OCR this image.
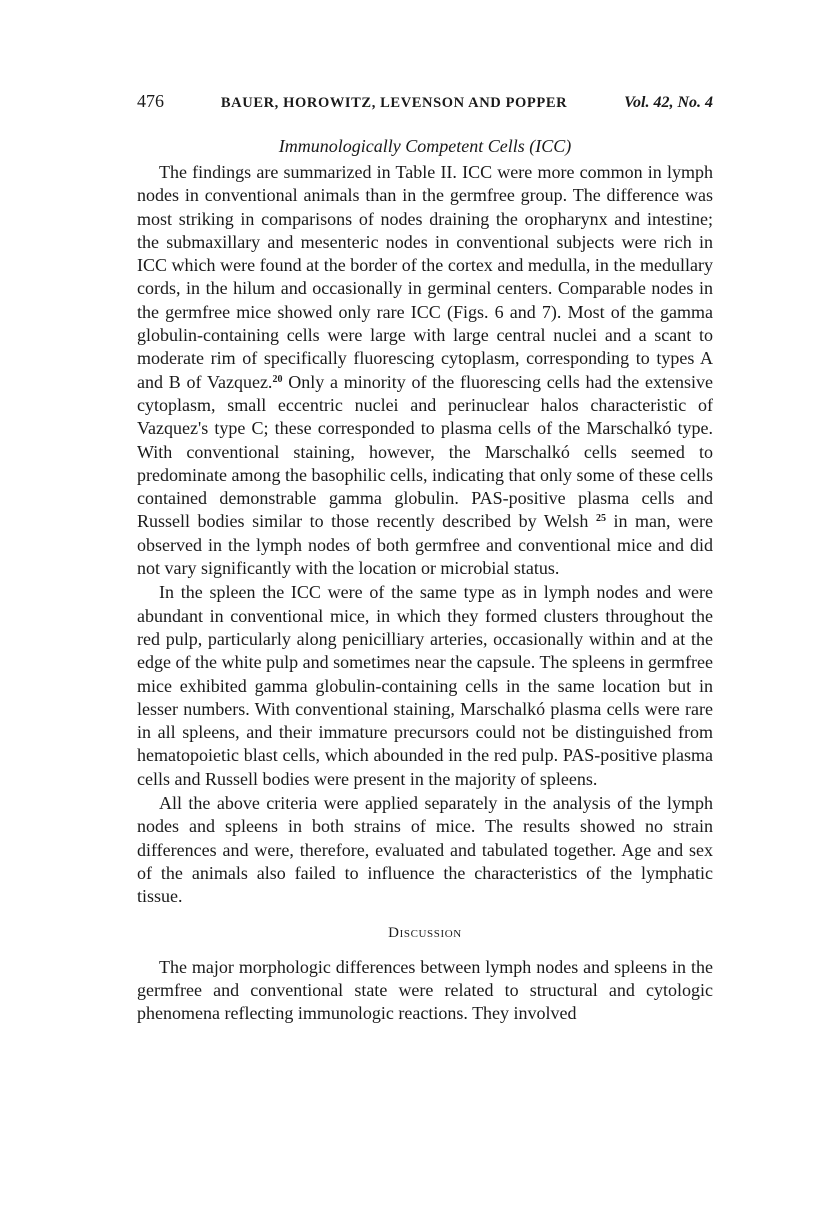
476	BAUER, HOROWITZ, LEVENSON AND POPPER	Vol. 42, No. 4
Immunologically Competent Cells (ICC)

The findings are summarized in Table II. ICC were more common in lymph nodes in conventional animals than in the germfree group. The difference was most striking in comparisons of nodes draining the oropharynx and intestine; the submaxillary and mesenteric nodes in conventional subjects were rich in ICC which were found at the border of the cortex and medulla, in the medullary cords, in the hilum and occasionally in germinal centers. Comparable nodes in the germfree mice showed only rare ICC (Figs. 6 and 7). Most of the gamma globulin-containing cells were large with large central nuclei and a scant to moderate rim of specifically fluorescing cytoplasm, corresponding to types A and B of Vazquez.$^{20}$ Only a minority of the fluorescing cells had the extensive cytoplasm, small eccentric nuclei and perinuclear halos characteristic of Vazquez's type C; these corresponded to plasma cells of the Marschalkó type. With conventional staining, however, the Marschalkó cells seemed to predominate among the basophilic cells, indicating that only some of these cells contained demonstrable gamma globulin. PAS-positive plasma cells and Russell bodies similar to those recently described by Welsh $^{25}$ in man, were observed in the lymph nodes of both germfree and conventional mice and did not vary significantly with the location or microbial status.

In the spleen the ICC were of the same type as in lymph nodes and were abundant in conventional mice, in which they formed clusters throughout the red pulp, particularly along penicilliary arteries, occasionally within and at the edge of the white pulp and sometimes near the capsule. The spleens in germfree mice exhibited gamma globulin-containing cells in the same location but in lesser numbers. With conventional staining, Marschalkó plasma cells were rare in all spleens, and their immature precursors could not be distinguished from hematopoietic blast cells, which abounded in the red pulp. PAS-positive plasma cells and Russell bodies were present in the majority of spleens.

All the above criteria were applied separately in the analysis of the lymph nodes and spleens in both strains of mice. The results showed no strain differences and were, therefore, evaluated and tabulated together. Age and sex of the animals also failed to influence the characteristics of the lymphatic tissue.

Discussion

The major morphologic differences between lymph nodes and spleens in the germfree and conventional state were related to structural and cytologic phenomena reflecting immunologic reactions. They involved
